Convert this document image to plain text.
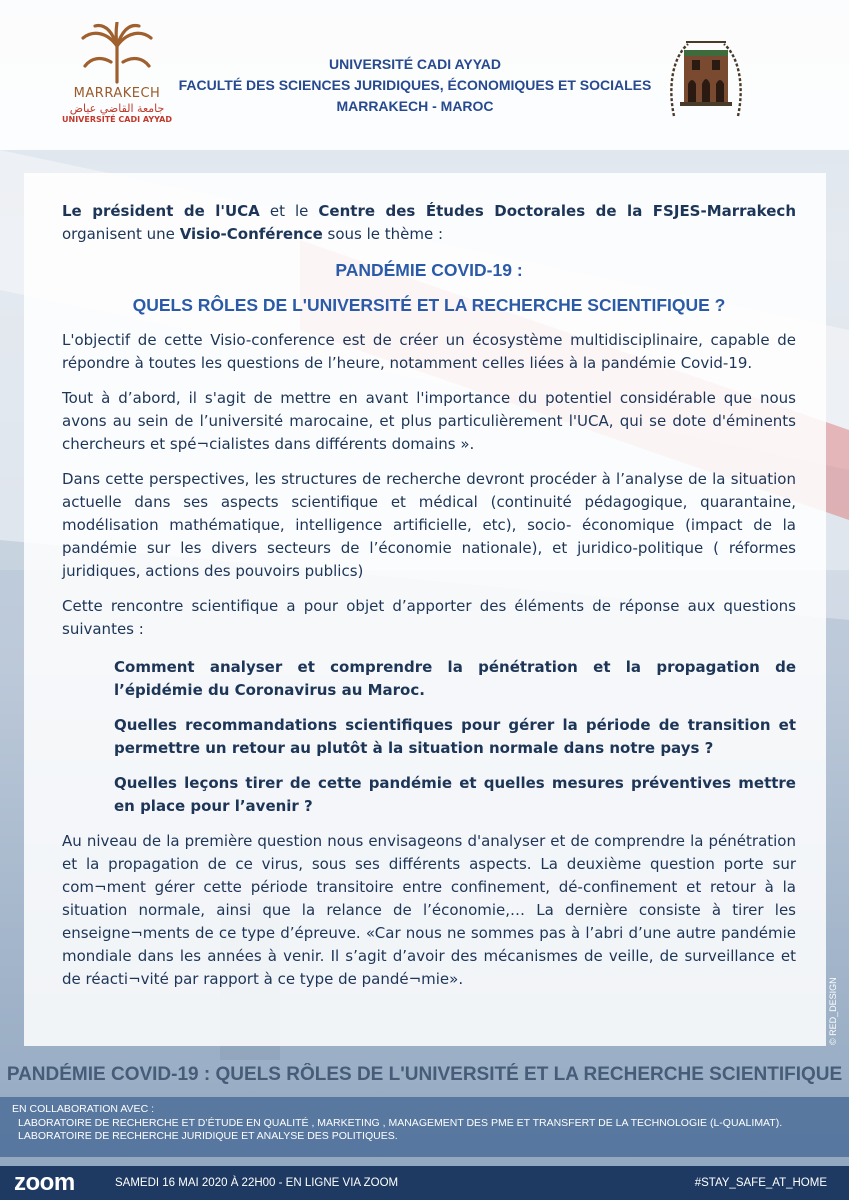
MARRAKECH
جامعة القاضي عياض
UNIVERSITÉ CADI AYYAD
UNIVERSITÉ CADI AYYAD
FACULTÉ DES SCIENCES JURIDIQUES, ÉCONOMIQUES ET SOCIALES
MARRAKECH - MAROC

Le président de l'UCA et le Centre des Études Doctorales de la FSJES-Marrakech organisent une Visio-Conférence sous le thème :

PANDÉMIE COVID-19 :

QUELS RÔLES DE L'UNIVERSITÉ ET LA RECHERCHE SCIENTIFIQUE ?

L'objectif de cette Visio-conference est de créer un écosystème multidisciplinaire, capable de répondre à toutes les questions de l’heure, notamment celles liées à la pandémie Covid-19.

Tout à d’abord, il s'agit de mettre en avant l'importance du potentiel considérable que nous avons au sein de l’université marocaine, et plus particulièrement l'UCA, qui se dote d'éminents chercheurs et spé¬cialistes dans différents domains ».

Dans cette perspectives, les structures de recherche devront procéder à l’analyse de la situation actuelle dans ses aspects scientifique et médical (continuité pédagogique, quarantaine, modélisation mathématique, intelligence artificielle, etc), socio- économique (impact de la pandémie sur les divers secteurs de l’économie nationale), et juridico-politique ( réformes juridiques, actions des pouvoirs publics)

Cette rencontre scientifique a pour objet d’apporter des éléments de réponse aux questions suivantes :

Comment analyser et comprendre la pénétration et la propagation de l’épidémie du Coronavirus au Maroc.

Quelles recommandations scientifiques pour gérer la période de transition et permettre un retour au plutôt à la situation normale dans notre pays ?

Quelles leçons tirer de cette pandémie et quelles mesures préventives mettre en place pour l’avenir ?

Au niveau de la première question nous envisageons d'analyser et de comprendre la pénétration et la propagation de ce virus, sous ses différents aspects. La deuxième question porte sur com¬ment gérer cette période transitoire entre confinement, dé-confinement et retour à la situation normale, ainsi que la relance de l’économie,… La dernière consiste à tirer les enseigne¬ments de ce type d’épreuve. «Car nous ne sommes pas à l’abri d’une autre pandémie mondiale dans les années à venir. Il s’agit d’avoir des mécanismes de veille, de surveillance et de réacti¬vité par rapport à ce type de pandé¬mie».	© RED_DESIGN
PANDÉMIE COVID-19 : QUELS RÔLES DE L'UNIVERSITÉ ET LA RECHERCHE SCIENTIFIQUE
EN COLLABORATION AVEC :
LABORATOIRE DE RECHERCHE ET D’ÉTUDE EN QUALITÉ , MARKETING , MANAGEMENT DES PME ET TRANSFERT DE LA TECHNOLOGIE (L-QUALIMAT).
LABORATOIRE DE RECHERCHE JURIDIQUE ET ANALYSE DES POLITIQUES.
zoom	SAMEDI 16 MAI 2020 À 22H00 - EN LIGNE VIA ZOOM	#STAY_SAFE_AT_HOME
